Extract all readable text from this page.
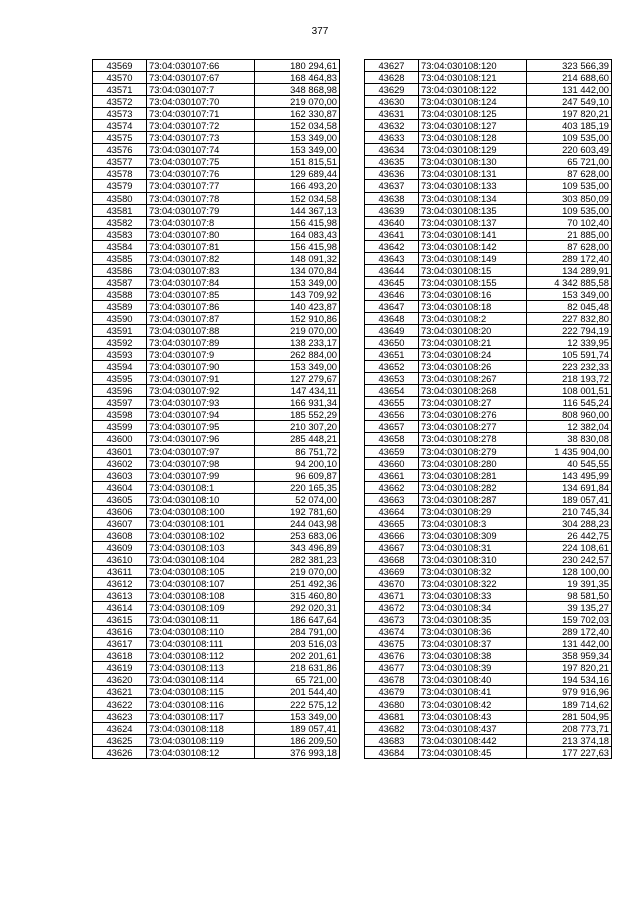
377
43569	73:04:030107:66	180 294,61
43570	73:04:030107:67	168 464,83
43571	73:04:030107:7	348 868,98
43572	73:04:030107:70	219 070,00
43573	73:04:030107:71	162 330,87
43574	73:04:030107:72	152 034,58
43575	73:04:030107:73	153 349,00
43576	73:04:030107:74	153 349,00
43577	73:04:030107:75	151 815,51
43578	73:04:030107:76	129 689,44
43579	73:04:030107:77	166 493,20
43580	73:04:030107:78	152 034,58
43581	73:04:030107:79	144 367,13
43582	73:04:030107:8	156 415,98
43583	73:04:030107:80	164 083,43
43584	73:04:030107:81	156 415,98
43585	73:04:030107:82	148 091,32
43586	73:04:030107:83	134 070,84
43587	73:04:030107:84	153 349,00
43588	73:04:030107:85	143 709,92
43589	73:04:030107:86	140 423,87
43590	73:04:030107:87	152 910,86
43591	73:04:030107:88	219 070,00
43592	73:04:030107:89	138 233,17
43593	73:04:030107:9	262 884,00
43594	73:04:030107:90	153 349,00
43595	73:04:030107:91	127 279,67
43596	73:04:030107:92	147 434,11
43597	73:04:030107:93	166 931,34
43598	73:04:030107:94	185 552,29
43599	73:04:030107:95	210 307,20
43600	73:04:030107:96	285 448,21
43601	73:04:030107:97	86 751,72
43602	73:04:030107:98	94 200,10
43603	73:04:030107:99	96 609,87
43604	73:04:030108:1	220 165,35
43605	73:04:030108:10	52 074,00
43606	73:04:030108:100	192 781,60
43607	73:04:030108:101	244 043,98
43608	73:04:030108:102	253 683,06
43609	73:04:030108:103	343 496,89
43610	73:04:030108:104	282 381,23
43611	73:04:030108:105	219 070,00
43612	73:04:030108:107	251 492,36
43613	73:04:030108:108	315 460,80
43614	73:04:030108:109	292 020,31
43615	73:04:030108:11	186 647,64
43616	73:04:030108:110	284 791,00
43617	73:04:030108:111	203 516,03
43618	73:04:030108:112	202 201,61
43619	73:04:030108:113	218 631,86
43620	73:04:030108:114	65 721,00
43621	73:04:030108:115	201 544,40
43622	73:04:030108:116	222 575,12
43623	73:04:030108:117	153 349,00
43624	73:04:030108:118	189 057,41
43625	73:04:030108:119	186 209,50
43626	73:04:030108:12	376 993,18
43627	73:04:030108:120	323 566,39
43628	73:04:030108:121	214 688,60
43629	73:04:030108:122	131 442,00
43630	73:04:030108:124	247 549,10
43631	73:04:030108:125	197 820,21
43632	73:04:030108:127	403 185,19
43633	73:04:030108:128	109 535,00
43634	73:04:030108:129	220 603,49
43635	73:04:030108:130	65 721,00
43636	73:04:030108:131	87 628,00
43637	73:04:030108:133	109 535,00
43638	73:04:030108:134	303 850,09
43639	73:04:030108:135	109 535,00
43640	73:04:030108:137	70 102,40
43641	73:04:030108:141	21 885,00
43642	73:04:030108:142	87 628,00
43643	73:04:030108:149	289 172,40
43644	73:04:030108:15	134 289,91
43645	73:04:030108:155	4 342 885,58
43646	73:04:030108:16	153 349,00
43647	73:04:030108:18	82 045,48
43648	73:04:030108:2	227 832,80
43649	73:04:030108:20	222 794,19
43650	73:04:030108:21	12 339,95
43651	73:04:030108:24	105 591,74
43652	73:04:030108:26	223 232,33
43653	73:04:030108:267	218 193,72
43654	73:04:030108:268	108 001,51
43655	73:04:030108:27	116 545,24
43656	73:04:030108:276	808 960,00
43657	73:04:030108:277	12 382,04
43658	73:04:030108:278	38 830,08
43659	73:04:030108:279	1 435 904,00
43660	73:04:030108:280	40 545,55
43661	73:04:030108:281	143 495,99
43662	73:04:030108:282	134 691,84
43663	73:04:030108:287	189 057,41
43664	73:04:030108:29	210 745,34
43665	73:04:030108:3	304 288,23
43666	73:04:030108:309	26 442,75
43667	73:04:030108:31	224 108,61
43668	73:04:030108:310	230 242,57
43669	73:04:030108:32	128 100,00
43670	73:04:030108:322	19 391,35
43671	73:04:030108:33	98 581,50
43672	73:04:030108:34	39 135,27
43673	73:04:030108:35	159 702,03
43674	73:04:030108:36	289 172,40
43675	73:04:030108:37	131 442,00
43676	73:04:030108:38	358 959,34
43677	73:04:030108:39	197 820,21
43678	73:04:030108:40	194 534,16
43679	73:04:030108:41	979 916,96
43680	73:04:030108:42	189 714,62
43681	73:04:030108:43	281 504,95
43682	73:04:030108:437	208 773,71
43683	73:04:030108:442	213 374,18
43684	73:04:030108:45	177 227,63
